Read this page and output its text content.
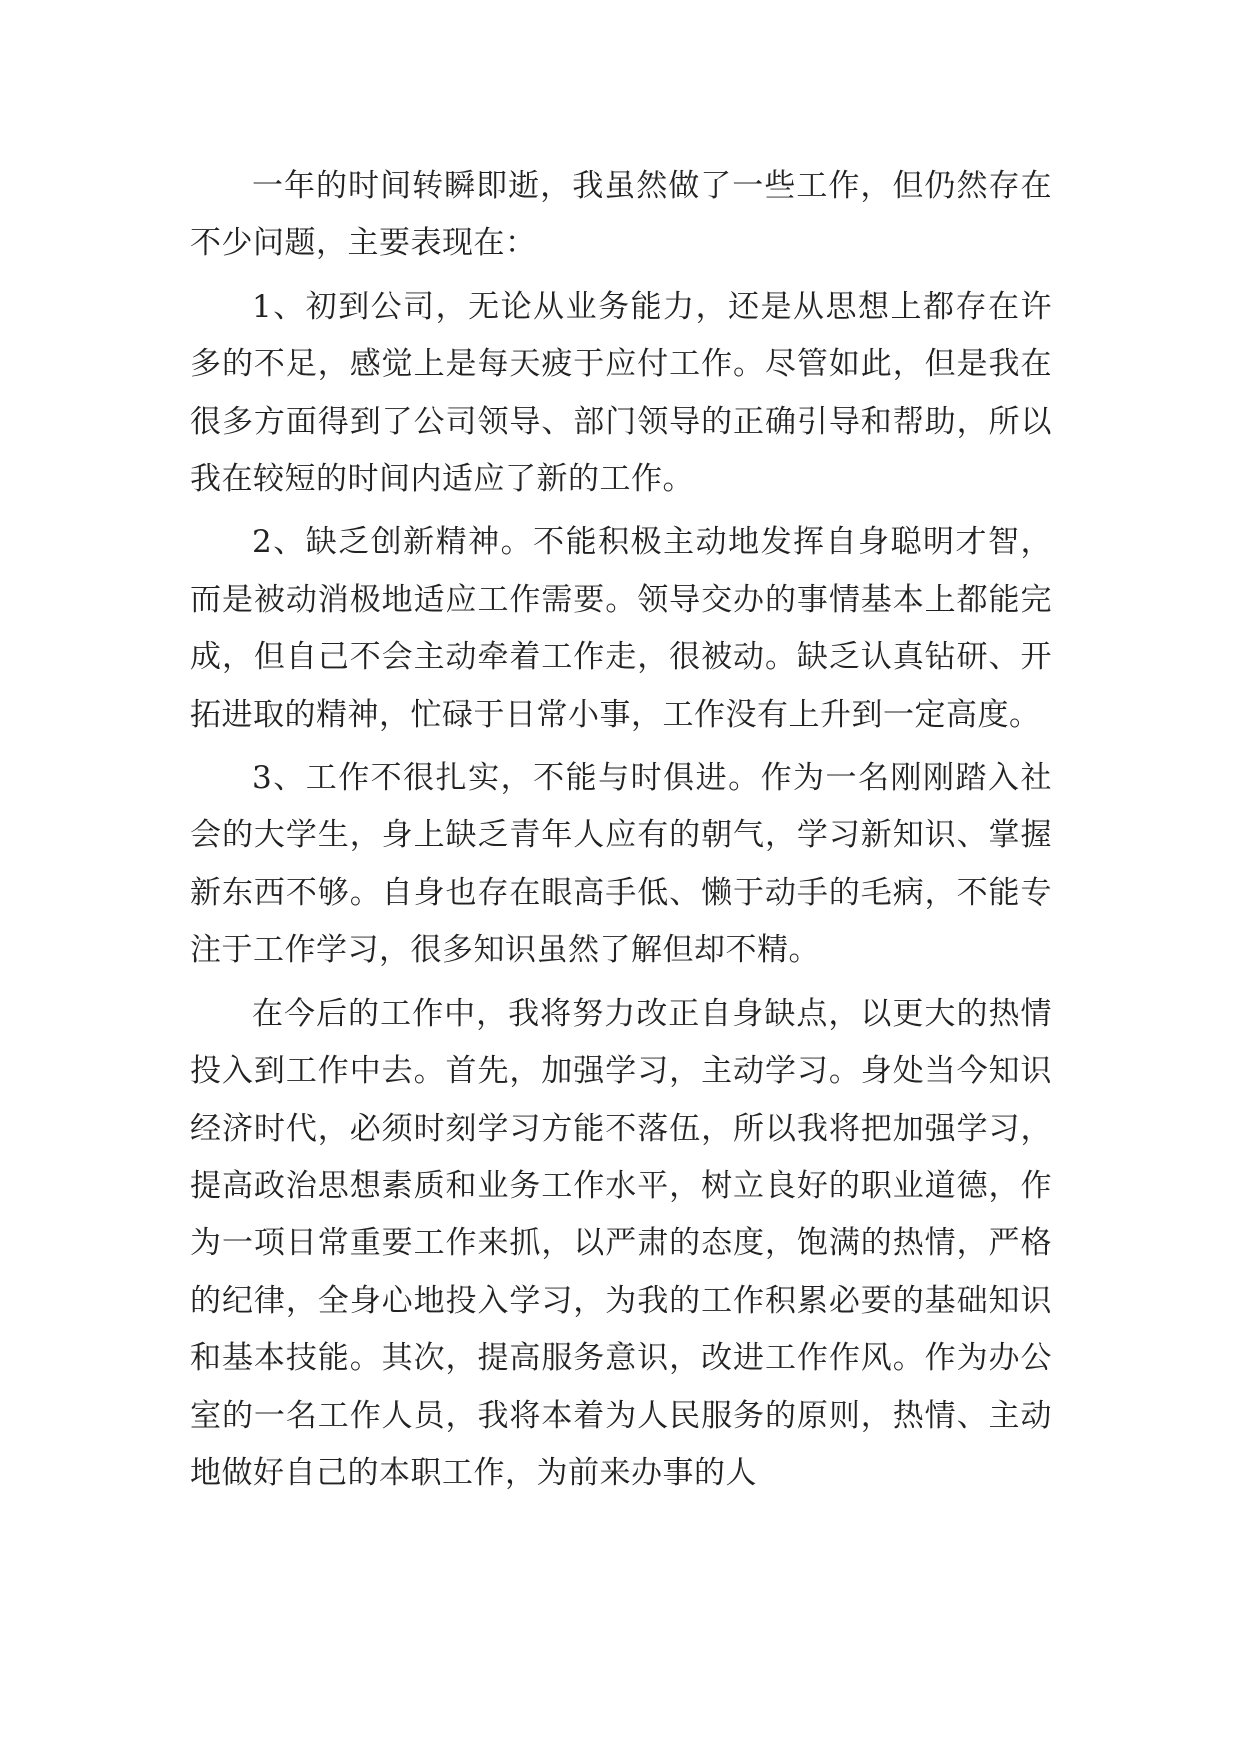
一年的时间转瞬即逝，我虽然做了一些工作，但仍然存在不少问题，主要表现在：

1、初到公司，无论从业务能力，还是从思想上都存在许多的不足，感觉上是每天疲于应付工作。尽管如此，但是我在很多方面得到了公司领导、部门领导的正确引导和帮助，所以我在较短的时间内适应了新的工作。

2、缺乏创新精神。不能积极主动地发挥自身聪明才智，而是被动消极地适应工作需要。领导交办的事情基本上都能完成，但自己不会主动牵着工作走，很被动。缺乏认真钻研、开拓进取的精神，忙碌于日常小事，工作没有上升到一定高度。

3、工作不很扎实，不能与时俱进。作为一名刚刚踏入社会的大学生，身上缺乏青年人应有的朝气，学习新知识、掌握新东西不够。自身也存在眼高手低、懒于动手的毛病，不能专注于工作学习，很多知识虽然了解但却不精。

在今后的工作中，我将努力改正自身缺点，以更大的热情投入到工作中去。首先，加强学习，主动学习。身处当今知识经济时代，必须时刻学习方能不落伍，所以我将把加强学习，提高政治思想素质和业务工作水平，树立良好的职业道德，作为一项日常重要工作来抓，以严肃的态度，饱满的热情，严格的纪律，全身心地投入学习，为我的工作积累必要的基础知识和基本技能。其次，提高服务意识，改进工作作风。作为办公室的一名工作人员，我将本着为人民服务的原则，热情、主动地做好自己的本职工作，为前来办事的人
